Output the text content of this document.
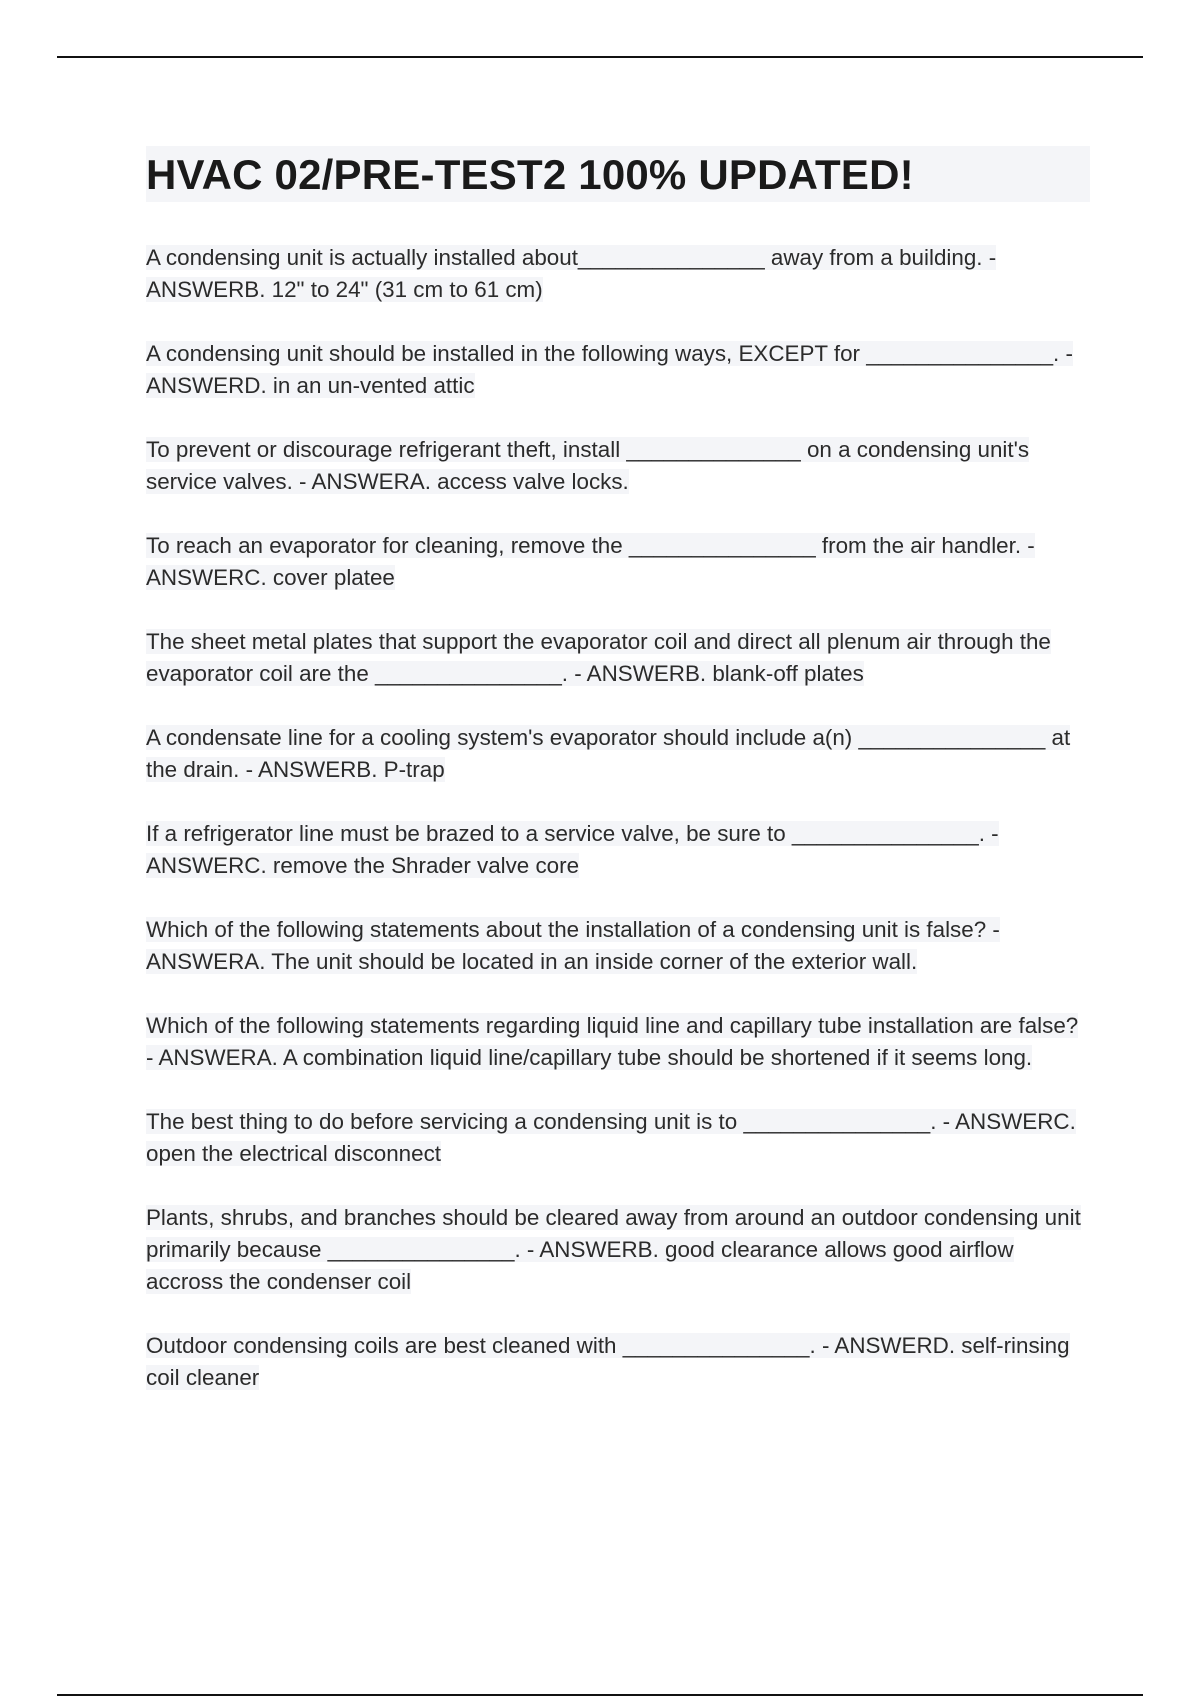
HVAC 02/PRE-TEST2 100% UPDATED!

A condensing unit is actually installed about_______________ away from a building. - ANSWERB. 12" to 24" (31 cm to 61 cm)

A condensing unit should be installed in the following ways, EXCEPT for _______________. - ANSWERD. in an un-vented attic

To prevent or discourage refrigerant theft, install ______________ on a condensing unit's service valves. - ANSWERA. access valve locks.

To reach an evaporator for cleaning, remove the _______________ from the air handler. - ANSWERC. cover platee

The sheet metal plates that support the evaporator coil and direct all plenum air through the evaporator coil are the _______________. - ANSWERB. blank-off plates

A condensate line for a cooling system's evaporator should include a(n) _______________ at the drain. - ANSWERB. P-trap

If a refrigerator line must be brazed to a service valve, be sure to _______________. - ANSWERC. remove the Shrader valve core

Which of the following statements about the installation of a condensing unit is false? - ANSWERA. The unit should be located in an inside corner of the exterior wall.

Which of the following statements regarding liquid line and capillary tube installation are false? - ANSWERA. A combination liquid line/capillary tube should be shortened if it seems long.

The best thing to do before servicing a condensing unit is to _______________. - ANSWERC. open the electrical disconnect

Plants, shrubs, and branches should be cleared away from around an outdoor condensing unit primarily because _______________. - ANSWERB. good clearance allows good airflow accross the condenser coil

Outdoor condensing coils are best cleaned with _______________. - ANSWERD. self-rinsing coil cleaner
